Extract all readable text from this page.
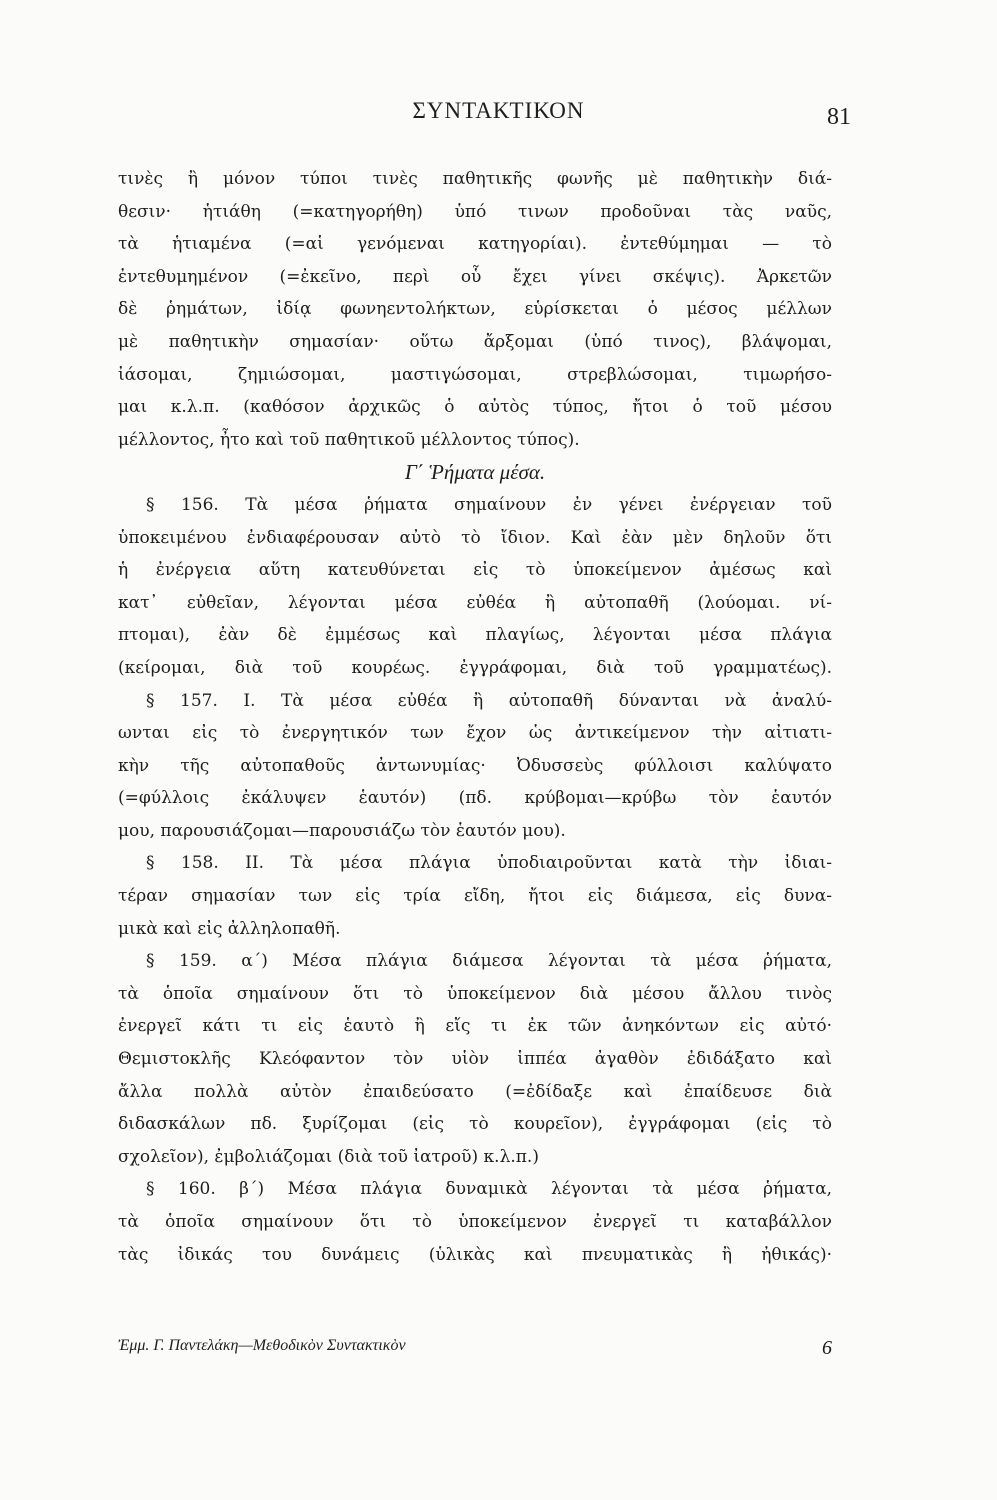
ΣΥΝΤΑΚΤΙΚΟΝ	81
τινὲς ἢ μόνον τύποι τινὲς παθητικῆς φωνῆς μὲ παθητικὴν διά-
θεσιν· ἡτιάθη (=κατηγορήθη) ὑπό τινων προδοῦναι τὰς ναῦς,
τὰ ἡτιαμένα (=αἱ γενόμεναι κατηγορίαι). ἐντεθύμημαι — τὸ
ἐντεθυμημένον (=ἐκεῖνο, περὶ οὗ ἔχει γίνει σκέψις). Ἀρκετῶν
δὲ ῥημάτων, ἰδίᾳ φωνηεντολήκτων, εὑρίσκεται ὁ μέσος μέλλων
μὲ παθητικὴν σημασίαν· οὕτω ἄρξομαι (ὑπό τινος), βλάψομαι,
ἰάσομαι, ζημιώσομαι, μαστιγώσομαι, στρεβλώσομαι, τιμωρήσο-
μαι κ.λ.π. (καθόσον ἀρχικῶς ὁ αὐτὸς τύπος, ἤτοι ὁ τοῦ μέσου
μέλλοντος, ἦτο καὶ τοῦ παθητικοῦ μέλλοντος τύπος).
Γ΄ Ῥήματα μέσα.
§ 156. Τὰ μέσα ῥήματα σημαίνουν ἐν γένει ἐνέργειαν τοῦ
ὑποκειμένου ἐνδιαφέρουσαν αὐτὸ τὸ ἴδιον. Καὶ ἐὰν μὲν δηλοῦν ὅτι
ἡ ἐνέργεια αὕτη κατευθύνεται εἰς τὸ ὑποκείμενον ἀμέσως καὶ
κατ᾽ εὐθεῖαν, λέγονται μέσα εὐθέα ἢ αὐτοπαθῆ (λούομαι. νί-
πτομαι), ἐὰν δὲ ἐμμέσως καὶ πλαγίως, λέγονται μέσα πλάγια
(κείρομαι, διὰ τοῦ κουρέως. ἐγγράφομαι, διὰ τοῦ γραμματέως).
§ 157. I. Τὰ μέσα εὐθέα ἢ αὐτοπαθῆ δύνανται νὰ ἀναλύ-
ωνται εἰς τὸ ἐνεργητικόν των ἔχον ὡς ἀντικείμενον τὴν αἰτιατι-
κὴν τῆς αὐτοπαθοῦς ἀντωνυμίας· Ὀδυσσεὺς φύλλοισι καλύψατο
(=φύλλοις ἐκάλυψεν ἑαυτόν) (πδ. κρύβομαι—κρύβω τὸν ἑαυτόν
μου, παρουσιάζομαι—παρουσιάζω τὸν ἑαυτόν μου).
§ 158. II. Τὰ μέσα πλάγια ὑποδιαιροῦνται κατὰ τὴν ἰδιαι-
τέραν σημασίαν των εἰς τρία εἴδη, ἤτοι εἰς διάμεσα, εἰς δυνα-
μικὰ καὶ εἰς ἀλληλοπαθῆ.
§ 159. α΄) Μέσα πλάγια διάμεσα λέγονται τὰ μέσα ῥήματα,
τὰ ὁποῖα σημαίνουν ὅτι τὸ ὑποκείμενον διὰ μέσου ἄλλου τινὸς
ἐνεργεῖ κάτι τι εἰς ἑαυτὸ ἢ εἴς τι ἐκ τῶν ἀνηκόντων εἰς αὐτό·
Θεμιστοκλῆς Κλεόφαντον τὸν υἱὸν ἱππέα ἀγαθὸν ἐδιδάξατο καὶ
ἄλλα πολλὰ αὐτὸν ἐπαιδεύσατο (=ἐδίδαξε καὶ ἐπαίδευσε διὰ
διδασκάλων πδ. ξυρίζομαι (εἰς τὸ κουρεῖον), ἐγγράφομαι (εἰς τὸ
σχολεῖον), ἐμβολιάζομαι (διὰ τοῦ ἰατροῦ) κ.λ.π.)
§ 160. β΄) Μέσα πλάγια δυναμικὰ λέγονται τὰ μέσα ῥήματα,
τὰ ὁποῖα σημαίνουν ὅτι τὸ ὑποκείμενον ἐνεργεῖ τι καταβάλλον
τὰς ἰδικάς του δυνάμεις (ὑλικὰς καὶ πνευματικὰς ἢ ἠθικάς)·
Ἐμμ. Γ. Παντελάκη—Μεθοδικὸν Συντακτικὸν	6
